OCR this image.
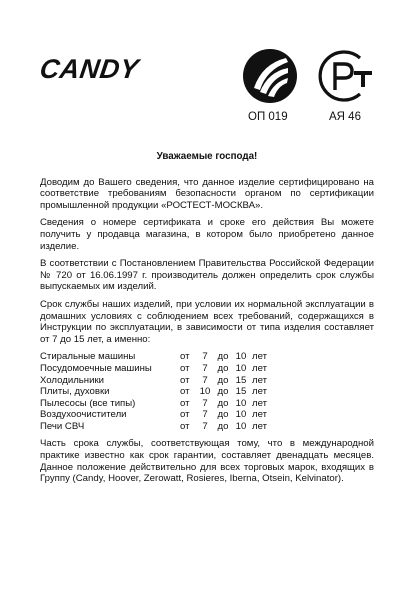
CANDY
ОП 019	АЯ 46
Уважаемые господа!

Доводим до Вашего сведения, что данное изделие сертифицировано на соответствие требованиям безопасности органом по сертификации промышленной продукции «РОСТЕСТ-МОСКВА».

Сведения о номере сертификата и сроке его действия Вы можете получить у продавца магазина, в котором было приобретено данное изделие.

В соответствии с Постановлением Правительства Российской Федерации № 720 от 16.06.1997 г. производитель должен определить срок службы выпускаемых им изделий.

Срок службы наших изделий, при условии их нормальной эксплуатации в домашних условиях с соблюдением всех требований, содержащихся в Инструкции по эксплуатации, в зависимости от типа изделия составляет от 7 до 15 лет, а именно:

Стиральные машины	от	7	до 10 лет
Посудомоечные машины	от	7	до 10 лет
Холодильники	от	7	до 15 лет
Плиты, духовки	от	10 до 15 лет
Пылесосы (все типы)	от	7	до 10 лет
Воздухоочистители	от	7	до 10 лет
Печи СВЧ	от	7	до 10 лет

Часть срока службы, соответствующая тому, что в международной практике известно как срок гарантии, составляет двенадцать месяцев. Данное положение действительно для всех торговых марок, входящих в Группу (Candy, Hoover, Zerowatt, Rosieres, Iberna, Otsein, Kelvinator).
